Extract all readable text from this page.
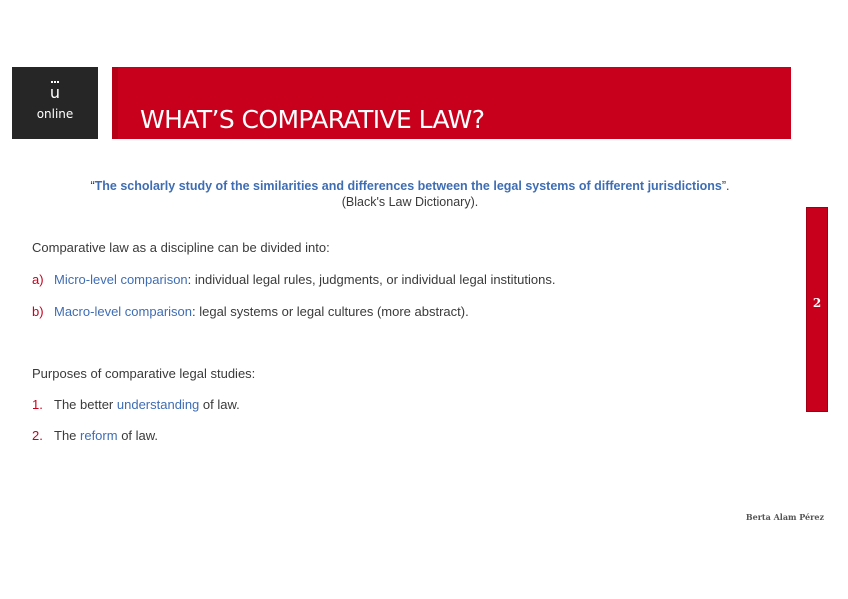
u
online	WHAT’S COMPARATIVE LAW?
“The scholarly study of the similarities and differences between the legal systems of different jurisdictions”.
(Black's Law Dictionary).
Comparative law as a discipline can be divided into:
a) Micro-level comparison: individual legal rules, judgments, or individual legal institutions.
b) Macro-level comparison: legal systems or legal cultures (more abstract).
Purposes of comparative legal studies:
1. The better understanding of law.
2. The reform of law.
2
Berta Alam Pérez
